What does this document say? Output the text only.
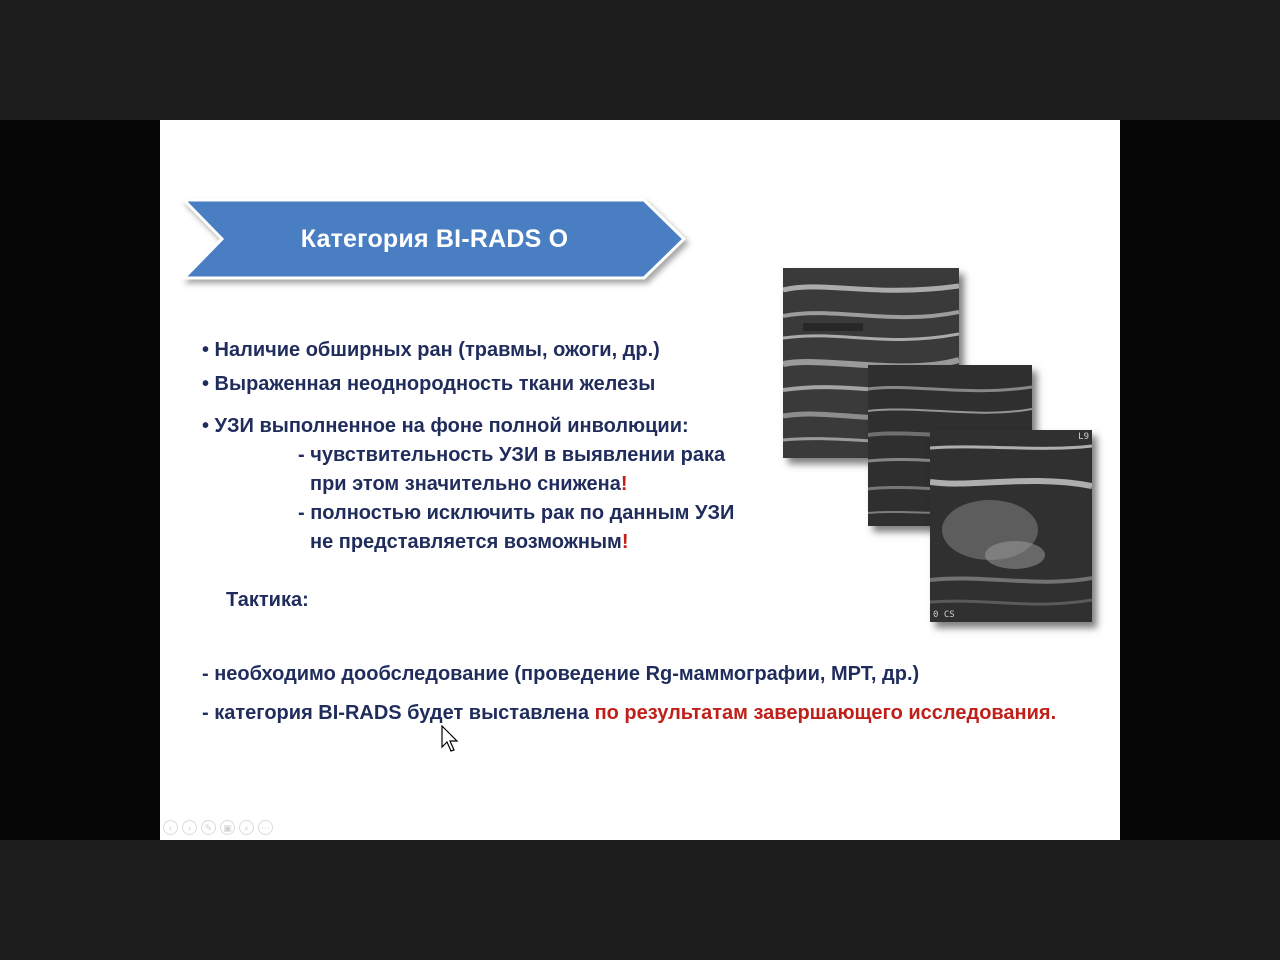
Категория BI-RADS O
• Наличие обширных ран (травмы, ожоги, др.)
• Выраженная неоднородность ткани железы
• УЗИ выполненное на фоне полной инволюции:
- чувствительность УЗИ в выявлении рака
при этом значительно снижена!
- полностью исключить рак по данным УЗИ
не представляется возможным!
Тактика:
- необходимо дообследование (проведение Rg-маммографии, МРТ, др.)
- категория BI-RADS будет выставлена по результатам завершающего исследования.
L9
0 CS
‹	›	✎	▣	⌕	⋯
